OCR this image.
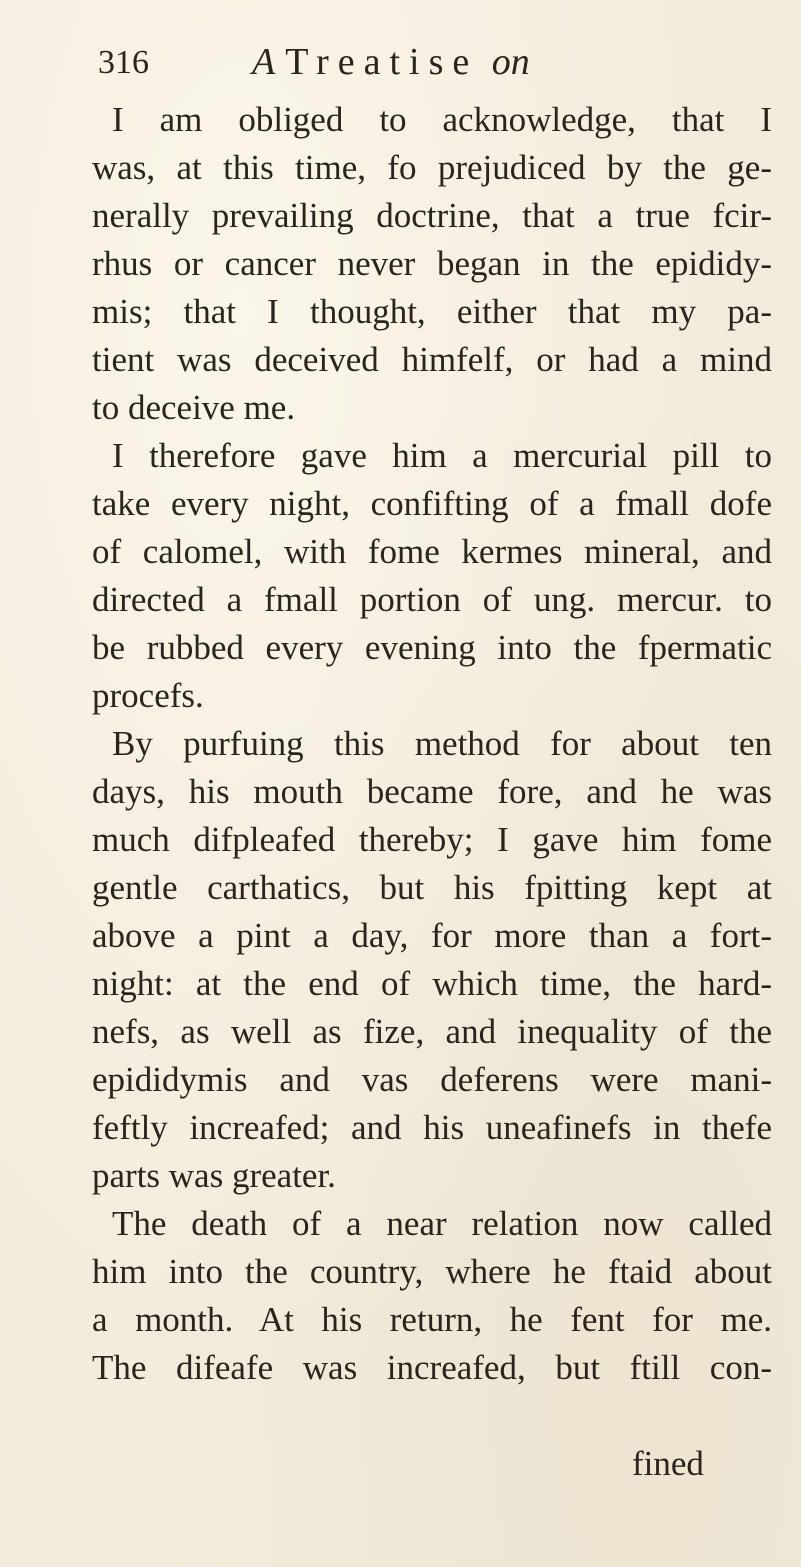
316	A Treatise on
I am obliged to acknowledge, that I
was, at this time, fo prejudiced by the ge-
nerally prevailing doctrine, that a true fcir-
rhus or cancer never began in the epididy-
mis; that I thought, either that my pa-
tient was deceived himfelf, or had a mind
to deceive me.
I therefore gave him a mercurial pill to
take every night, confifting of a fmall dofe
of calomel, with fome kermes mineral, and
directed a fmall portion of ung. mercur. to
be rubbed every evening into the fpermatic
procefs.
By purfuing this method for about ten
days, his mouth became fore, and he was
much difpleafed thereby; I gave him fome
gentle carthatics, but his fpitting kept at
above a pint a day, for more than a fort-
night: at the end of which time, the hard-
nefs, as well as fize, and inequality of the
epididymis and vas deferens were mani-
feftly increafed; and his uneafinefs in thefe
parts was greater.
The death of a near relation now called
him into the country, where he ftaid about
a month. At his return, he fent for me.
The difeafe was increafed, but ftill con-
fined
